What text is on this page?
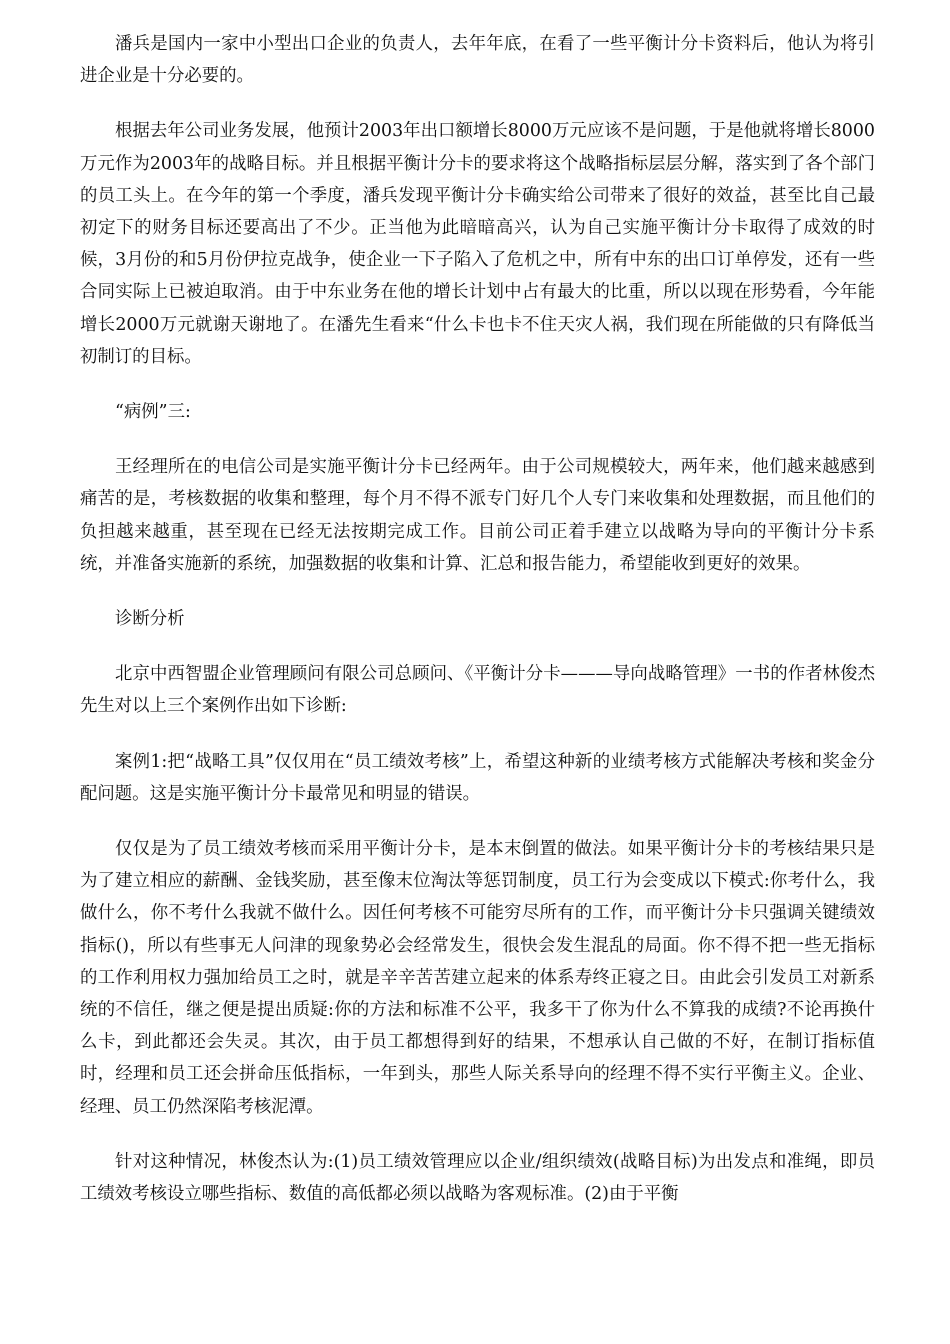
潘兵是国内一家中小型出口企业的负责人，去年年底，在看了一些平衡计分卡资料后，他认为将引进企业是十分必要的。

根据去年公司业务发展，他预计2003年出口额增长8000万元应该不是问题，于是他就将增长8000万元作为2003年的战略目标。并且根据平衡计分卡的要求将这个战略指标层层分解，落实到了各个部门的员工头上。在今年的第一个季度，潘兵发现平衡计分卡确实给公司带来了很好的效益，甚至比自己最初定下的财务目标还要高出了不少。正当他为此暗暗高兴，认为自己实施平衡计分卡取得了成效的时候，3月份的和5月份伊拉克战争，使企业一下子陷入了危机之中，所有中东的出口订单停发，还有一些合同实际上已被迫取消。由于中东业务在他的增长计划中占有最大的比重，所以以现在形势看，今年能增长2000万元就谢天谢地了。在潘先生看来“什么卡也卡不住天灾人祸，我们现在所能做的只有降低当初制订的目标。

“病例”三:

王经理所在的电信公司是实施平衡计分卡已经两年。由于公司规模较大，两年来，他们越来越感到痛苦的是，考核数据的收集和整理，每个月不得不派专门好几个人专门来收集和处理数据，而且他们的负担越来越重，甚至现在已经无法按期完成工作。目前公司正着手建立以战略为导向的平衡计分卡系统，并准备实施新的系统，加强数据的收集和计算、汇总和报告能力，希望能收到更好的效果。

诊断分析

北京中西智盟企业管理顾问有限公司总顾问、《平衡计分卡———导向战略管理》一书的作者林俊杰先生对以上三个案例作出如下诊断:

案例1:把“战略工具”仅仅用在“员工绩效考核”上，希望这种新的业绩考核方式能解决考核和奖金分配问题。这是实施平衡计分卡最常见和明显的错误。

仅仅是为了员工绩效考核而采用平衡计分卡，是本末倒置的做法。如果平衡计分卡的考核结果只是为了建立相应的薪酬、金钱奖励，甚至像末位淘汰等惩罚制度，员工行为会变成以下模式:你考什么，我做什么，你不考什么我就不做什么。因任何考核不可能穷尽所有的工作，而平衡计分卡只强调关键绩效指标()，所以有些事无人问津的现象势必会经常发生，很快会发生混乱的局面。你不得不把一些无指标的工作利用权力强加给员工之时，就是辛辛苦苦建立起来的体系寿终正寝之日。由此会引发员工对新系统的不信任，继之便是提出质疑:你的方法和标准不公平，我多干了你为什么不算我的成绩?不论再换什么卡，到此都还会失灵。其次，由于员工都想得到好的结果，不想承认自己做的不好，在制订指标值时，经理和员工还会拼命压低指标，一年到头，那些人际关系导向的经理不得不实行平衡主义。企业、经理、员工仍然深陷考核泥潭。

针对这种情况，林俊杰认为:(1)员工绩效管理应以企业/组织绩效(战略目标)为出发点和准绳，即员工绩效考核设立哪些指标、数值的高低都必须以战略为客观标准。(2)由于平衡
